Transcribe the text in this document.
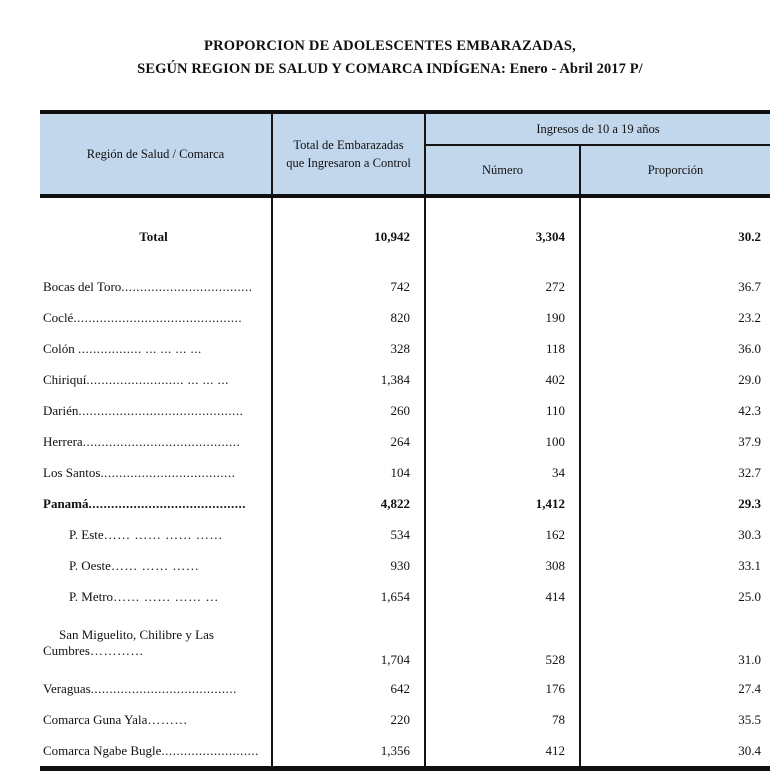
PROPORCION DE ADOLESCENTES EMBARAZADAS,
SEGÚN REGION DE SALUD Y COMARCA INDÍGENA: Enero - Abril 2017 P/

Región de Salud / Comarca	Total de Embarazadas que Ingresaron a Control	Ingresos de 10 a 19 años	
		Número	Proporción

Total	10,942	3,304	30.2

Bocas del Toro...................................	742	272	36.7
Coclé.............................................	820	190	23.2
Colón ................. ... ... ... ...	328	118	36.0
Chiriquí.......................... ... ... ...	1,384	402	29.0
Darién............................................	260	110	42.3
Herrera..........................................	264	100	37.9
Los Santos....................................	104	34	32.7
Panamá..........................................	4,822	1,412	29.3
P. Este…… …… …… ……	534	162	30.3
P. Oeste…… …… ……	930	308	33.1
P. Metro…… …… …… …	1,654	414	25.0

San Miguelito, Chilibre y Las
Cumbres…………	1,704	528	31.0
Veraguas.......................................	642	176	27.4
Comarca Guna Yala………	220	78	35.5
Comarca Ngabe Bugle..........................	1,356	412	30.4
